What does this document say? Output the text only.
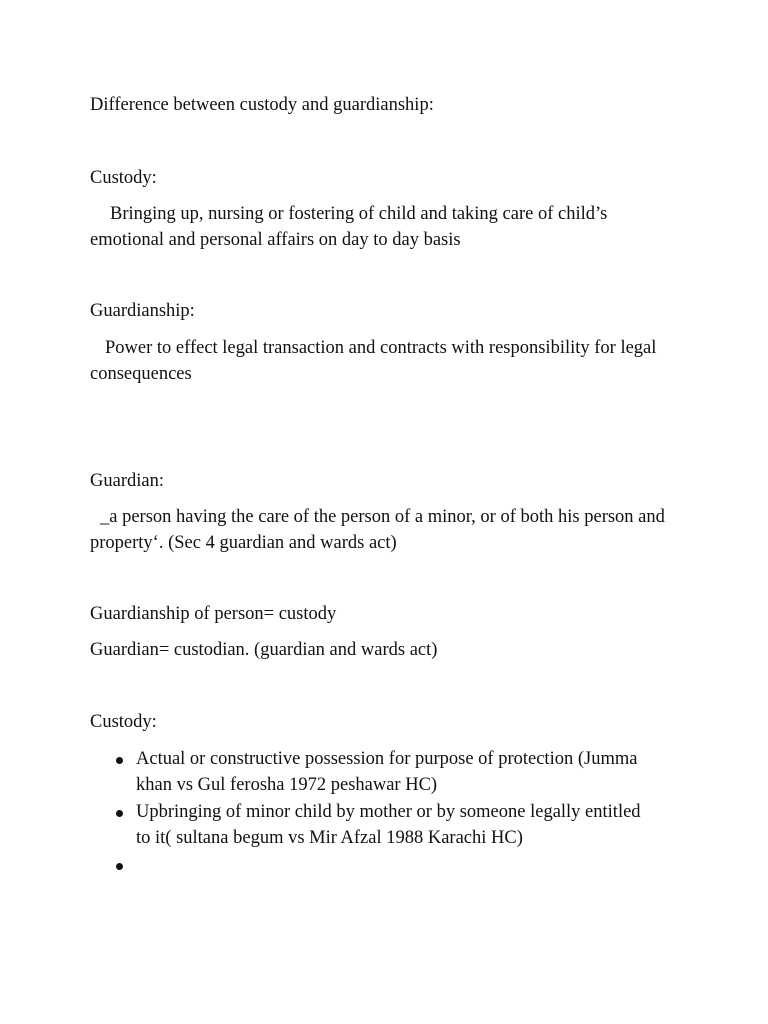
Difference between custody and guardianship:

Custody:

Bringing up, nursing or fostering of child and taking care of child’s emotional and personal affairs on day to day basis

Guardianship:

Power to effect legal transaction and contracts with responsibility for legal consequences

Guardian:

_a person having the care of the person of a minor, or of both his person and property‘. (Sec 4 guardian and wards act)

Guardianship of person= custody

Guardian= custodian. (guardian and wards act)

Custody:

Actual or constructive possession for purpose of protection (Jumma khan vs Gul ferosha 1972 peshawar HC)
Upbringing of minor child by mother or by someone legally entitled to it( sultana begum vs Mir Afzal 1988 Karachi HC)
